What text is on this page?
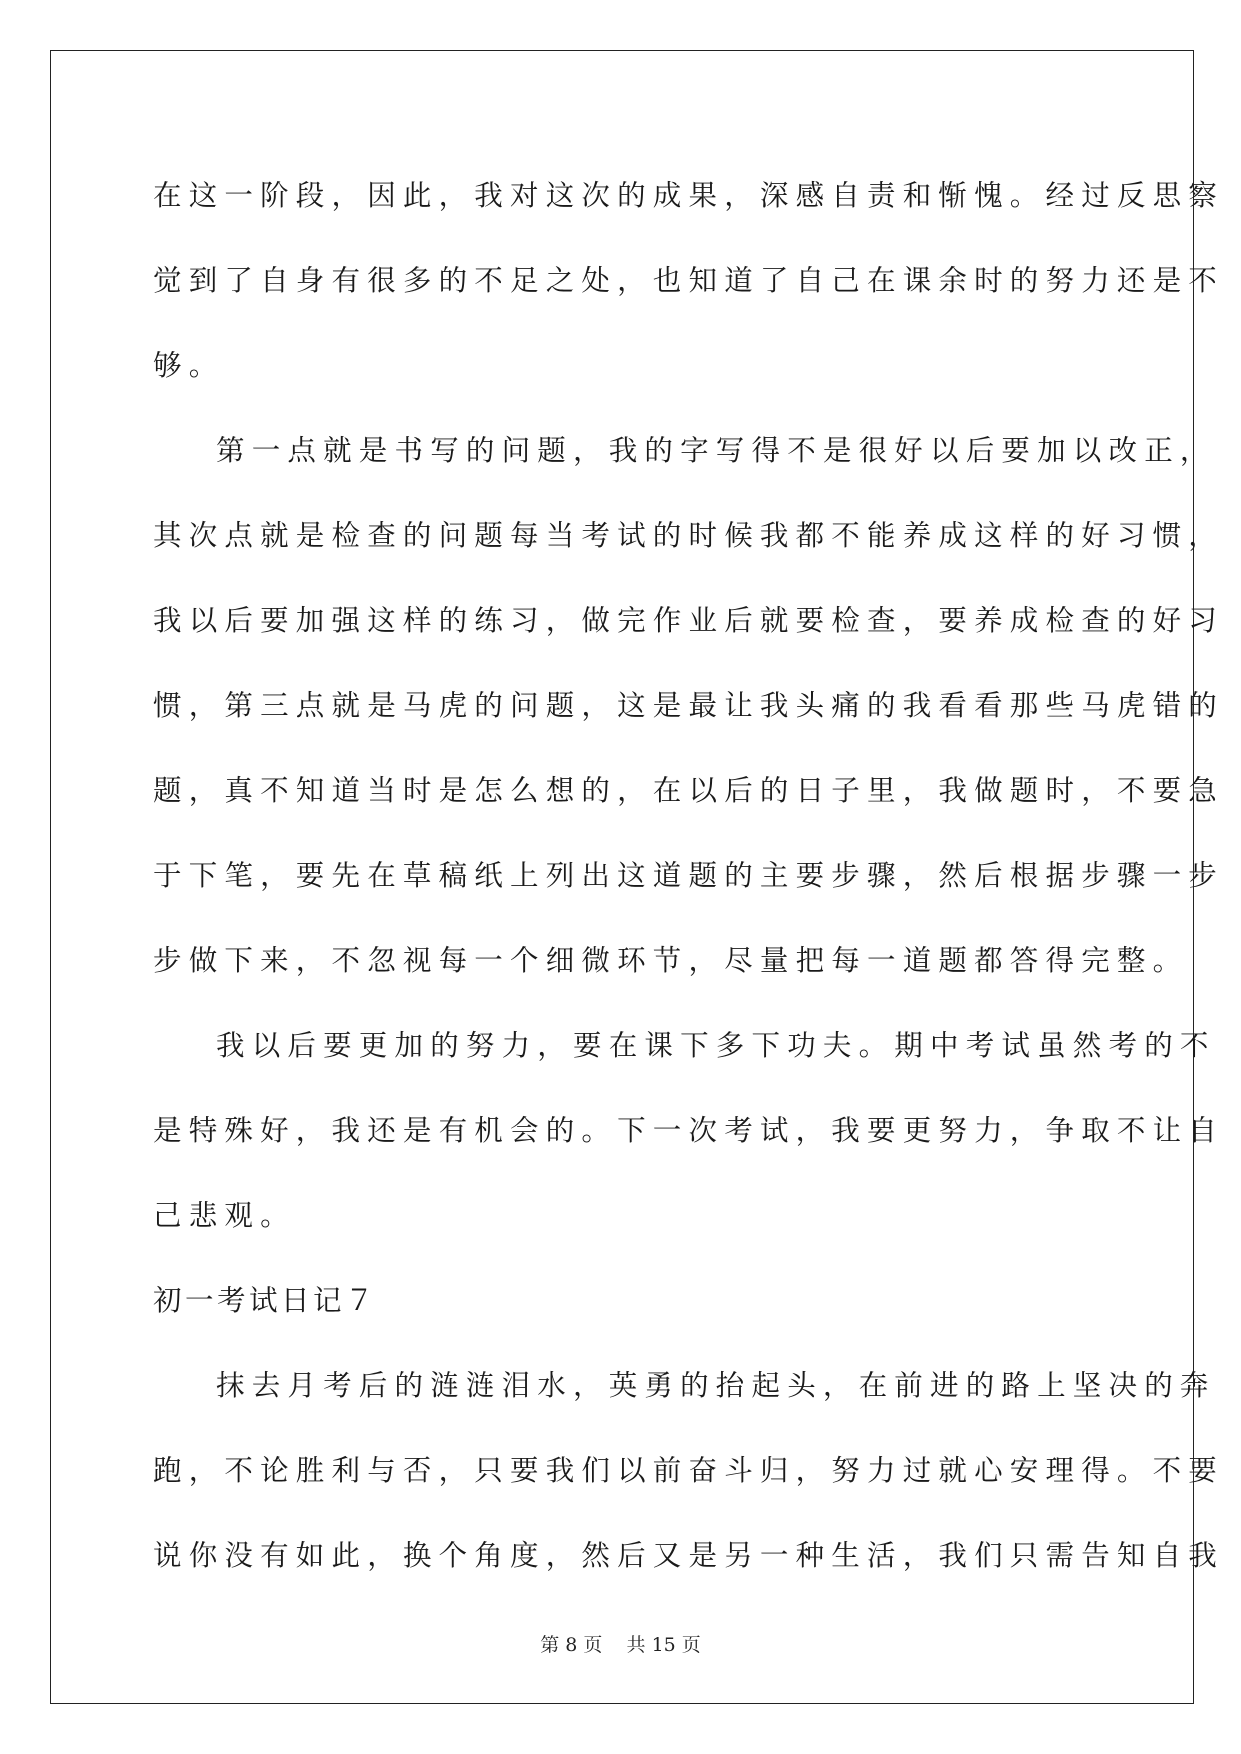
在这一阶段，因此，我对这次的成果，深感自责和惭愧。经过反思察
觉到了自身有很多的不足之处，也知道了自己在课余时的努力还是不
够。
第一点就是书写的问题，我的字写得不是很好以后要加以改正，
其次点就是检查的问题每当考试的时候我都不能养成这样的好习惯，
我以后要加强这样的练习，做完作业后就要检查，要养成检查的好习
惯，第三点就是马虎的问题，这是最让我头痛的我看看那些马虎错的
题，真不知道当时是怎么想的，在以后的日子里，我做题时，不要急
于下笔，要先在草稿纸上列出这道题的主要步骤，然后根据步骤一步
步做下来，不忽视每一个细微环节，尽量把每一道题都答得完整。
我以后要更加的努力，要在课下多下功夫。期中考试虽然考的不
是特殊好，我还是有机会的。下一次考试，我要更努力，争取不让自
己悲观。
初一考试日记７
抹去月考后的涟涟泪水，英勇的抬起头，在前进的路上坚决的奔
跑，不论胜利与否，只要我们以前奋斗归，努力过就心安理得。不要
说你没有如此，换个角度，然后又是另一种生活，我们只需告知自我
第 8 页 共 15 页
